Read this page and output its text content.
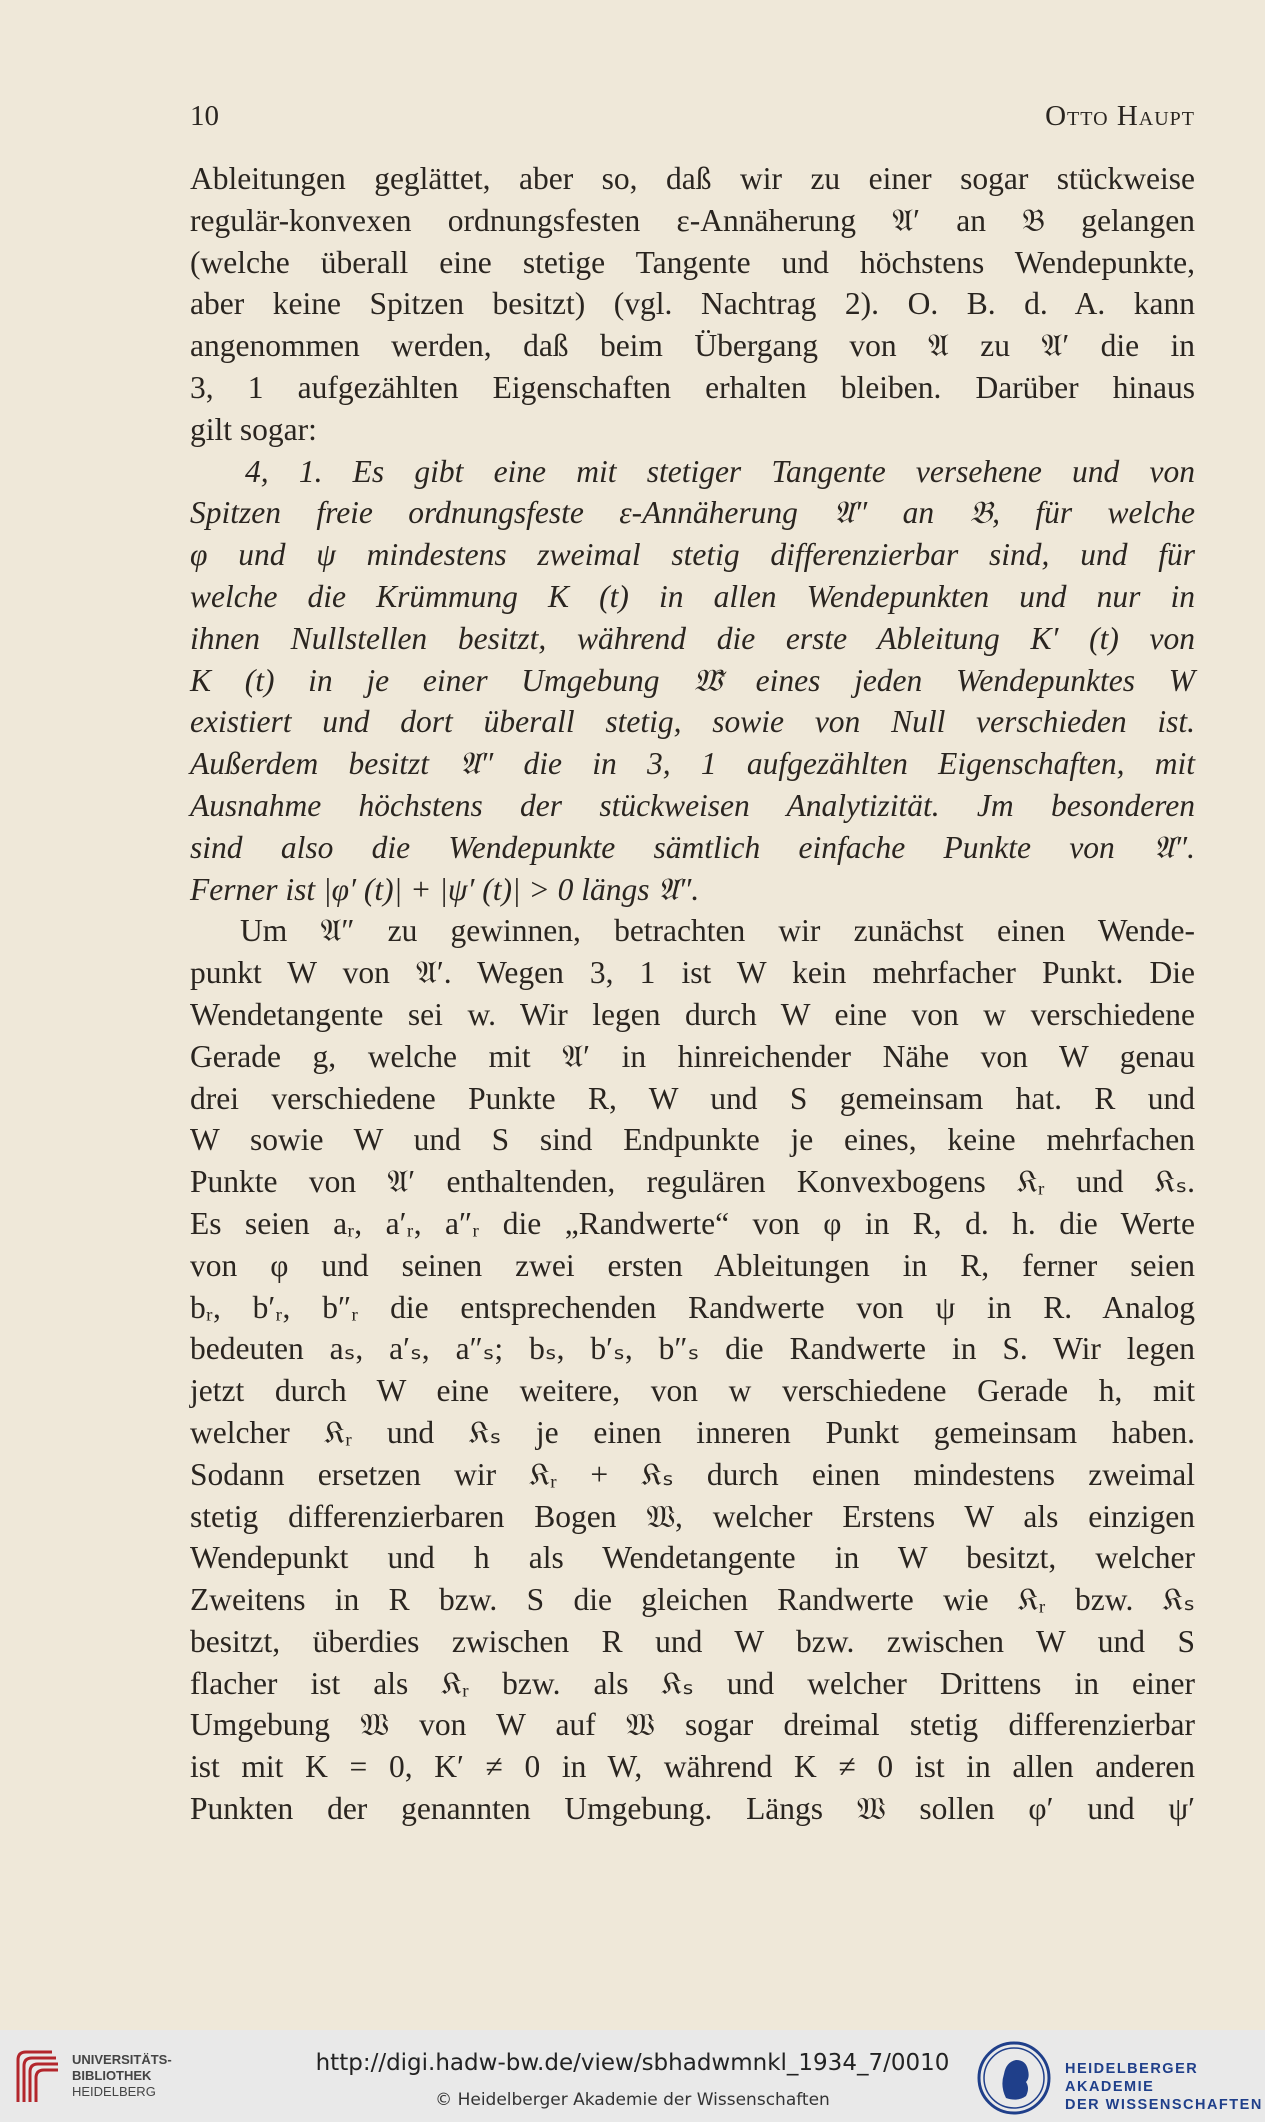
10	Otto Haupt
Ableitungen geglättet, aber so, daß wir zu einer sogar stückweise
regulär-konvexen ordnungsfesten ε-Annäherung 𝔄′ an 𝔅 gelangen
(welche überall eine stetige Tangente und höchstens Wendepunkte,
aber keine Spitzen besitzt) (vgl. Nachtrag 2). O. B. d. A. kann
angenommen werden, daß beim Übergang von 𝔄 zu 𝔄′ die in
3, 1 aufgezählten Eigenschaften erhalten bleiben. Darüber hinaus
gilt sogar:
4, 1. Es gibt eine mit stetiger Tangente versehene und von
Spitzen freie ordnungsfeste ε-Annäherung 𝔄″ an 𝔅, für welche
φ und ψ mindestens zweimal stetig differenzierbar sind, und für
welche die Krümmung K (t) in allen Wendepunkten und nur in
ihnen Nullstellen besitzt, während die erste Ableitung K′ (t) von
K (t) in je einer Umgebung 𝔚̃ eines jeden Wendepunktes W
existiert und dort überall stetig, sowie von Null verschieden ist.
Außerdem besitzt 𝔄″ die in 3, 1 aufgezählten Eigenschaften, mit
Ausnahme höchstens der stückweisen Analytizität. Jm besonderen
sind also die Wendepunkte sämtlich einfache Punkte von 𝔄″.
Ferner ist |φ′ (t)| + |ψ′ (t)| > 0 längs 𝔄″.
Um 𝔄″ zu gewinnen, betrachten wir zunächst einen Wende-
punkt W von 𝔄′. Wegen 3, 1 ist W kein mehrfacher Punkt. Die
Wendetangente sei w. Wir legen durch W eine von w verschiedene
Gerade g, welche mit 𝔄′ in hinreichender Nähe von W genau
drei verschiedene Punkte R, W und S gemeinsam hat. R und
W sowie W und S sind Endpunkte je eines, keine mehrfachen
Punkte von 𝔄′ enthaltenden, regulären Konvexbogens 𝔎ᵣ und 𝔎ₛ.
Es seien aᵣ, a′ᵣ, a″ᵣ die „Randwerte“ von φ in R, d. h. die Werte
von φ und seinen zwei ersten Ableitungen in R, ferner seien
bᵣ, b′ᵣ, b″ᵣ die entsprechenden Randwerte von ψ in R. Analog
bedeuten aₛ, a′ₛ, a″ₛ; bₛ, b′ₛ, b″ₛ die Randwerte in S. Wir legen
jetzt durch W eine weitere, von w verschiedene Gerade h, mit
welcher 𝔎ᵣ und 𝔎ₛ je einen inneren Punkt gemeinsam haben.
Sodann ersetzen wir 𝔎ᵣ + 𝔎ₛ durch einen mindestens zweimal
stetig differenzierbaren Bogen 𝔚, welcher Erstens W als einzigen
Wendepunkt und h als Wendetangente in W besitzt, welcher
Zweitens in R bzw. S die gleichen Randwerte wie 𝔎ᵣ bzw. 𝔎ₛ
besitzt, überdies zwischen R und W bzw. zwischen W und S
flacher ist als 𝔎ᵣ bzw. als 𝔎ₛ und welcher Drittens in einer
Umgebung 𝔚 von W auf 𝔚 sogar dreimal stetig differenzierbar
ist mit K = 0, K′ ≠ 0 in W, während K ≠ 0 ist in allen anderen
Punkten der genannten Umgebung. Längs 𝔚 sollen φ′ und ψ′
UNIVERSITÄTS-
BIBLIOTHEK
HEIDELBERG
http://digi.hadw-bw.de/view/sbhadwmnkl_1934_7/0010
© Heidelberger Akademie der Wissenschaften
HEIDELBERGER AKADEMIE
DER WISSENSCHAFTEN
